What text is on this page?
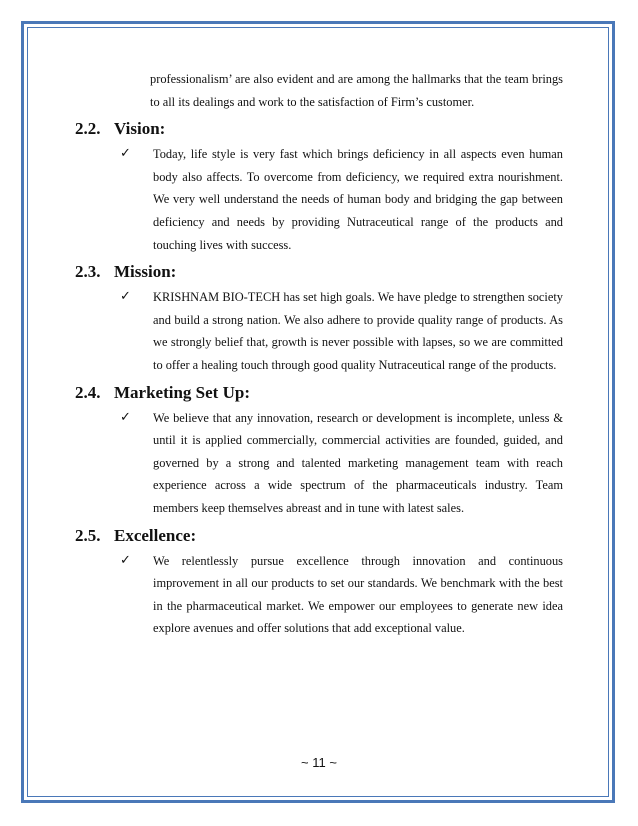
professionalism’ are also evident and are among the hallmarks that the team brings to all its dealings and work to the satisfaction of Firm’s customer.
2.2. Vision:
✓	Today, life style is very fast which brings deficiency in all aspects even human body also affects. To overcome from deficiency, we required extra nourishment. We very well understand the needs of human body and bridging the gap between deficiency and needs by providing Nutraceutical range of the products and touching lives with success.
2.3. Mission:
✓	KRISHNAM BIO-TECH has set high goals. We have pledge to strengthen society and build a strong nation. We also adhere to provide quality range of products. As we strongly belief that, growth is never possible with lapses, so we are committed to offer a healing touch through good quality Nutraceutical range of the products.
2.4. Marketing Set Up:
✓	We believe that any innovation, research or development is incomplete, unless & until it is applied commercially, commercial activities are founded, guided, and governed by a strong and talented marketing management team with reach experience across a wide spectrum of the pharmaceuticals industry. Team members keep themselves abreast and in tune with latest sales.
2.5. Excellence:
✓	We relentlessly pursue excellence through innovation and continuous improvement in all our products to set our standards. We benchmark with the best in the pharmaceutical market. We empower our employees to generate new idea explore avenues and offer solutions that add exceptional value.
~ 11 ~
